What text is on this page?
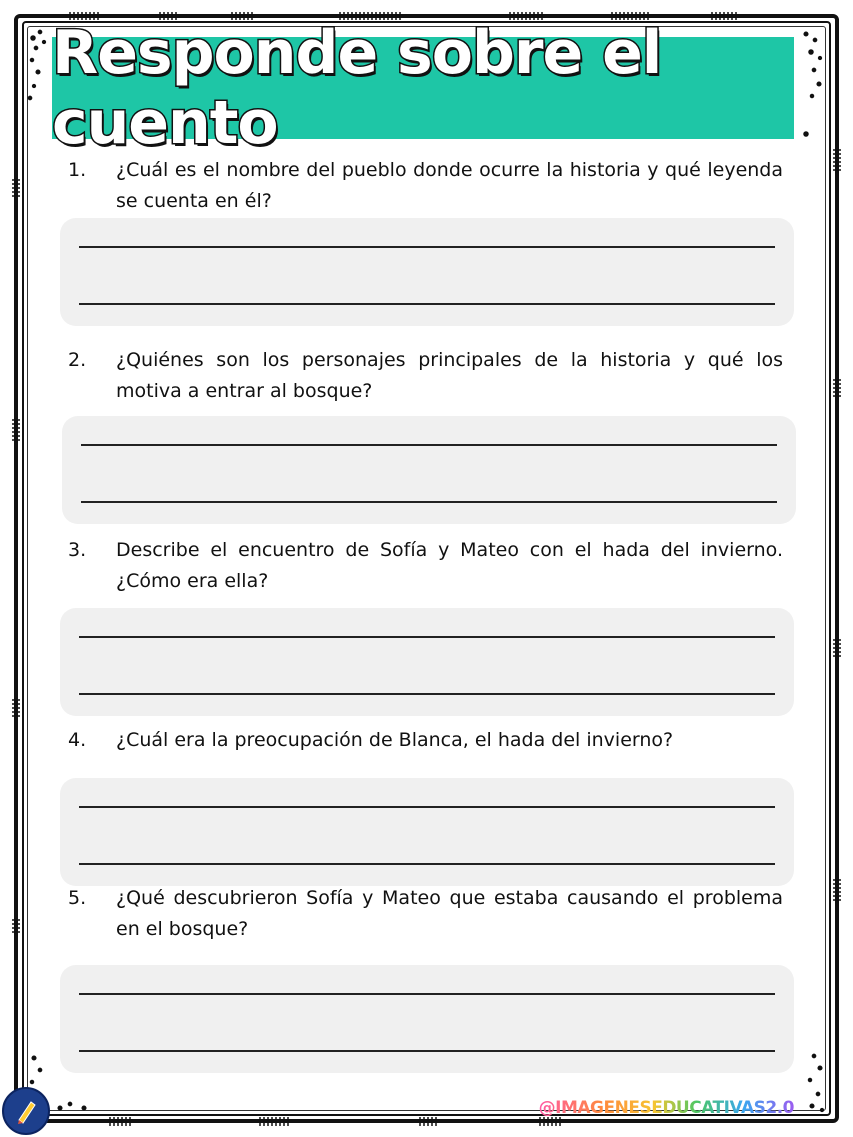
Responde sobre el cuento
1.	¿Cuál es el nombre del pueblo donde ocurre la historia y qué leyenda se cuenta en él?
2.	¿Quiénes son los personajes principales de la historia y qué los motiva a entrar al bosque?
3.	Describe el encuentro de Sofía y Mateo con el hada del invierno. ¿Cómo era ella?
4.	¿Cuál era la preocupación de Blanca, el hada del invierno?
5.	¿Qué descubrieron Sofía y Mateo que estaba causando el problema en el bosque?
@IMAGENESEDUCATIVAS2.0
